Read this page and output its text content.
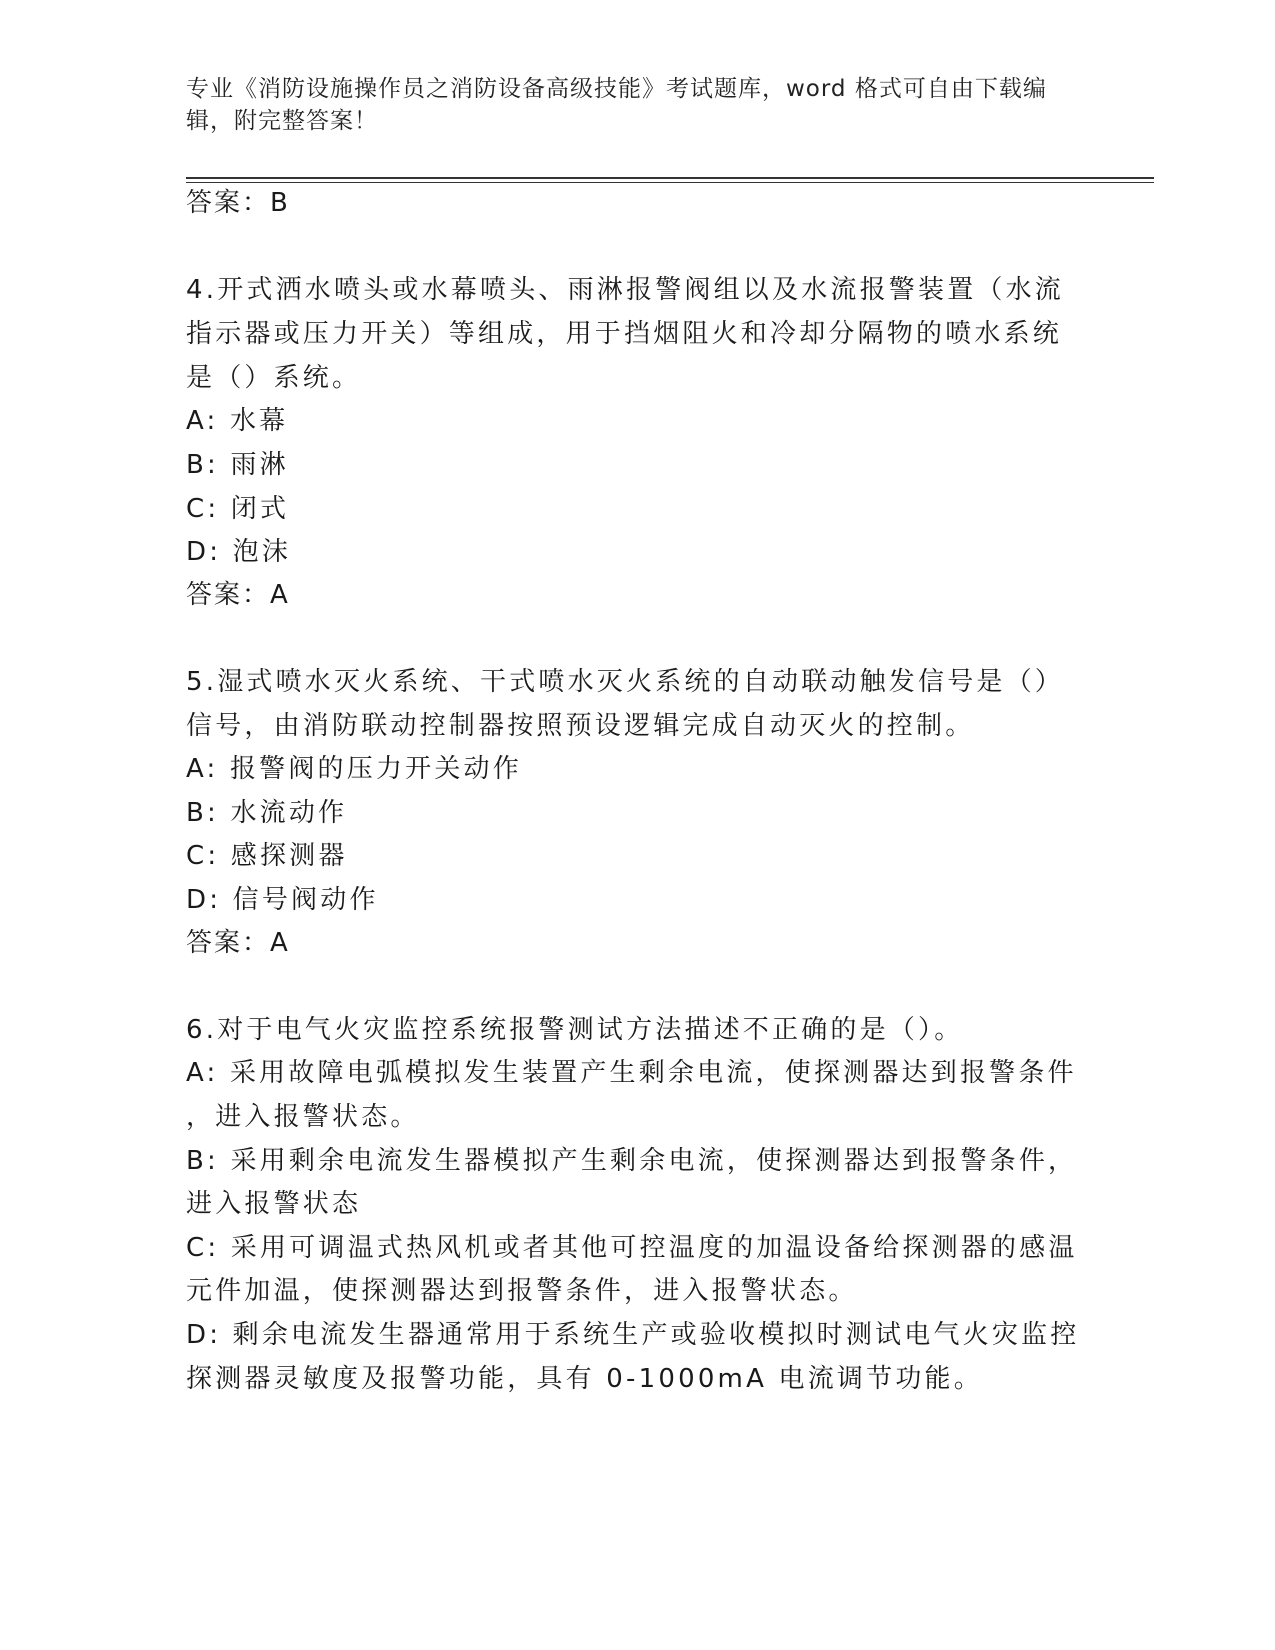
专业《消防设施操作员之消防设备高级技能》考试题库，word 格式可自由下载编辑，附完整答案！
答案：B
4.开式洒水喷头或水幕喷头、雨淋报警阀组以及水流报警装置（水流
指示器或压力开关）等组成，用于挡烟阻火和冷却分隔物的喷水系统
是（）系统。
A: 水幕
B: 雨淋
C: 闭式
D: 泡沫
答案：A
5.湿式喷水灭火系统、干式喷水灭火系统的自动联动触发信号是（）
信号，由消防联动控制器按照预设逻辑完成自动灭火的控制。
A: 报警阀的压力开关动作
B: 水流动作
C: 感探测器
D: 信号阀动作
答案：A
6.对于电气火灾监控系统报警测试方法描述不正确的是（）。
A: 采用故障电弧模拟发生装置产生剩余电流，使探测器达到报警条件
，进入报警状态。
B: 采用剩余电流发生器模拟产生剩余电流，使探测器达到报警条件，
进入报警状态
C: 采用可调温式热风机或者其他可控温度的加温设备给探测器的感温
元件加温，使探测器达到报警条件，进入报警状态。
D: 剩余电流发生器通常用于系统生产或验收模拟时测试电气火灾监控
探测器灵敏度及报警功能，具有 0-1000mA 电流调节功能。
